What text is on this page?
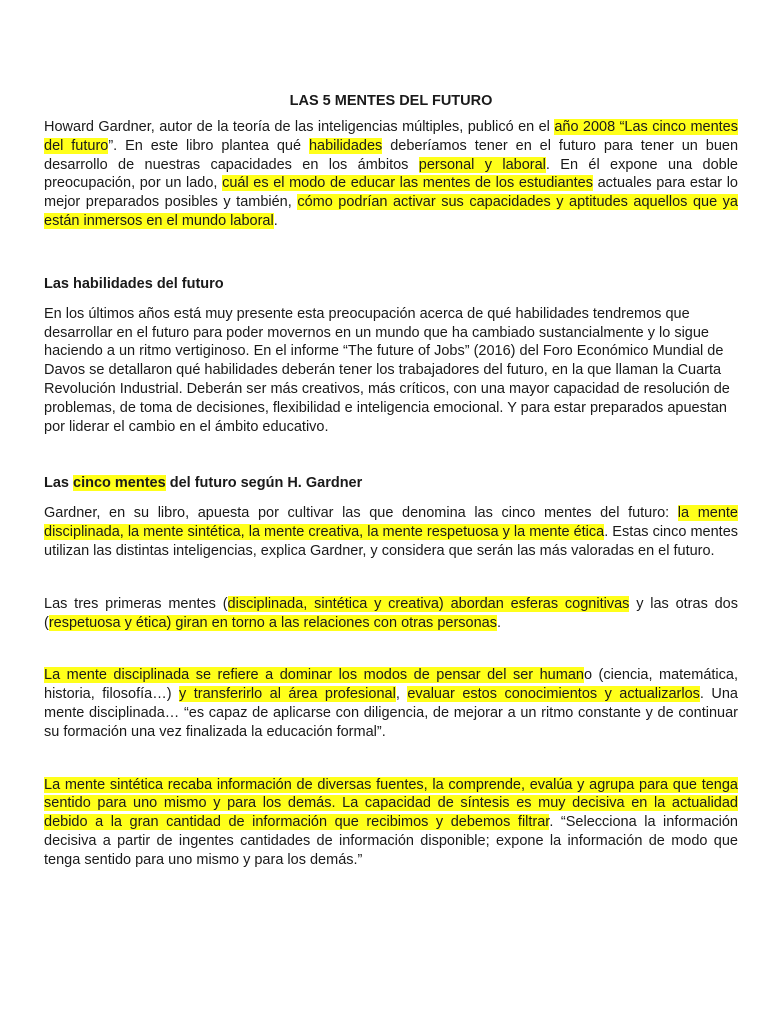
LAS 5 MENTES DEL FUTURO

Howard Gardner, autor de la teoría de las inteligencias múltiples, publicó en el año 2008 “Las cinco mentes del futuro”. En este libro plantea qué habilidades deberíamos tener en el futuro para tener un buen desarrollo de nuestras capacidades en los ámbitos personal y laboral. En él expone una doble preocupación, por un lado, cuál es el modo de educar las mentes de los estudiantes actuales para estar lo mejor preparados posibles y también, cómo podrían activar sus capacidades y aptitudes aquellos que ya están inmersos en el mundo laboral.

Las habilidades del futuro

En los últimos años está muy presente esta preocupación acerca de qué habilidades tendremos que desarrollar en el futuro para poder movernos en un mundo que ha cambiado sustancialmente y lo sigue haciendo a un ritmo vertiginoso. En el informe “The future of Jobs” (2016) del Foro Económico Mundial de Davos se detallaron qué habilidades deberán tener los trabajadores del futuro, en la que llaman la Cuarta Revolución Industrial. Deberán ser más creativos, más críticos, con una mayor capacidad de resolución de problemas, de toma de decisiones, flexibilidad e inteligencia emocional. Y para estar preparados apuestan por liderar el cambio en el ámbito educativo.

Las cinco mentes del futuro según H. Gardner

Gardner, en su libro, apuesta por cultivar las que denomina las cinco mentes del futuro: la mente disciplinada, la mente sintética, la mente creativa, la mente respetuosa y la mente ética. Estas cinco mentes utilizan las distintas inteligencias, explica Gardner, y considera que serán las más valoradas en el futuro.

Las tres primeras mentes (disciplinada, sintética y creativa) abordan esferas cognitivas y las otras dos (respetuosa y ética) giran en torno a las relaciones con otras personas.

La mente disciplinada se refiere a dominar los modos de pensar del ser humano (ciencia, matemática, historia, filosofía…) y transferirlo al área profesional, evaluar estos conocimientos y actualizarlos. Una mente disciplinada… “es capaz de aplicarse con diligencia, de mejorar a un ritmo constante y de continuar su formación una vez finalizada la educación formal”.

La mente sintética recaba información de diversas fuentes, la comprende, evalúa y agrupa para que tenga sentido para uno mismo y para los demás. La capacidad de síntesis es muy decisiva en la actualidad debido a la gran cantidad de información que recibimos y debemos filtrar. “Selecciona la información decisiva a partir de ingentes cantidades de información disponible; expone la información de modo que tenga sentido para uno mismo y para los demás.”
